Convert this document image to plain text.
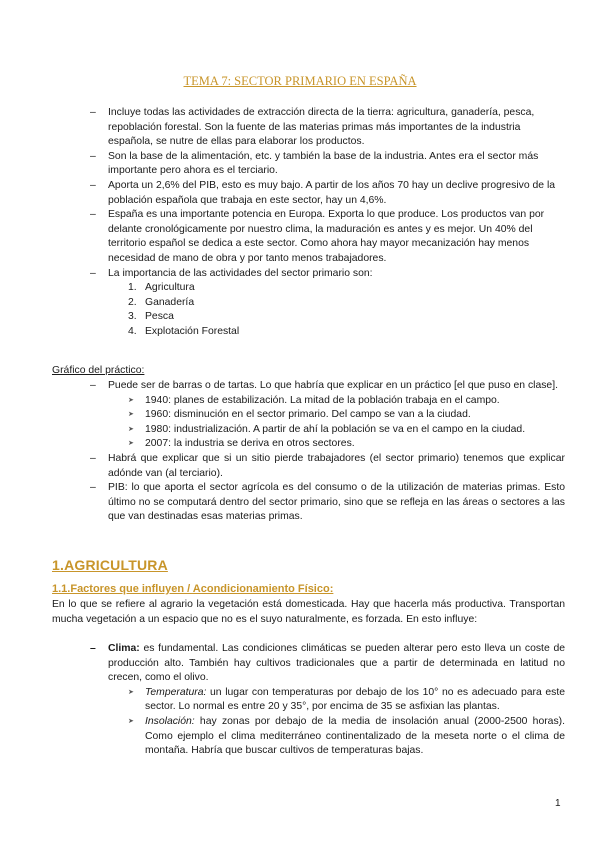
TEMA 7: SECTOR PRIMARIO EN ESPAÑA
– Incluye todas las actividades de extracción directa de la tierra: agricultura, ganadería, pesca, repoblación forestal. Son la fuente de las materias primas más importantes de la industria española, se nutre de ellas para elaborar los productos.
– Son la base de la alimentación, etc. y también la base de la industria. Antes era el sector más importante pero ahora es el terciario.
– Aporta un 2,6% del PIB, esto es muy bajo. A partir de los años 70 hay un declive progresivo de la población española que trabaja en este sector, hay un 4,6%.
– España es una importante potencia en Europa. Exporta lo que produce. Los productos van por delante cronológicamente por nuestro clima, la maduración es antes y es mejor. Un 40% del territorio español se dedica a este sector. Como ahora hay mayor mecanización hay menos necesidad de mano de obra y por tanto menos trabajadores.
– La importancia de las actividades del sector primario son:
1. Agricultura
2. Ganadería
3. Pesca
4. Explotación Forestal
Gráfico del práctico:
– Puede ser de barras o de tartas. Lo que habría que explicar en un práctico [el que puso en clase].
➤ 1940: planes de estabilización. La mitad de la población trabaja en el campo.
➤ 1960: disminución en el sector primario. Del campo se van a la ciudad.
➤ 1980: industrialización. A partir de ahí la población se va en el campo en la ciudad.
➤ 2007: la industria se deriva en otros sectores.
– Habrá que explicar que si un sitio pierde trabajadores (el sector primario) tenemos que explicar adónde van (al terciario).
– PIB: lo que aporta el sector agrícola es del consumo o de la utilización de materias primas. Esto último no se computará dentro del sector primario, sino que se refleja en las áreas o sectores a las que van destinadas esas materias primas.
1.AGRICULTURA
1.1.Factores que influyen / Acondicionamiento Físico:
En lo que se refiere al agrario la vegetación está domesticada. Hay que hacerla más productiva. Transportan mucha vegetación a un espacio que no es el suyo naturalmente, es forzada. En esto influye:
– Clima: es fundamental. Las condiciones climáticas se pueden alterar pero esto lleva un coste de producción alto. También hay cultivos tradicionales que a partir de determinada en latitud no crecen, como el olivo.
➤ Temperatura: un lugar con temperaturas por debajo de los 10° no es adecuado para este sector. Lo normal es entre 20 y 35°, por encima de 35 se asfixian las plantas.
➤ Insolación: hay zonas por debajo de la media de insolación anual (2000-2500 horas). Como ejemplo el clima mediterráneo continentalizado de la meseta norte o el clima de montaña. Habría que buscar cultivos de temperaturas bajas.
1
